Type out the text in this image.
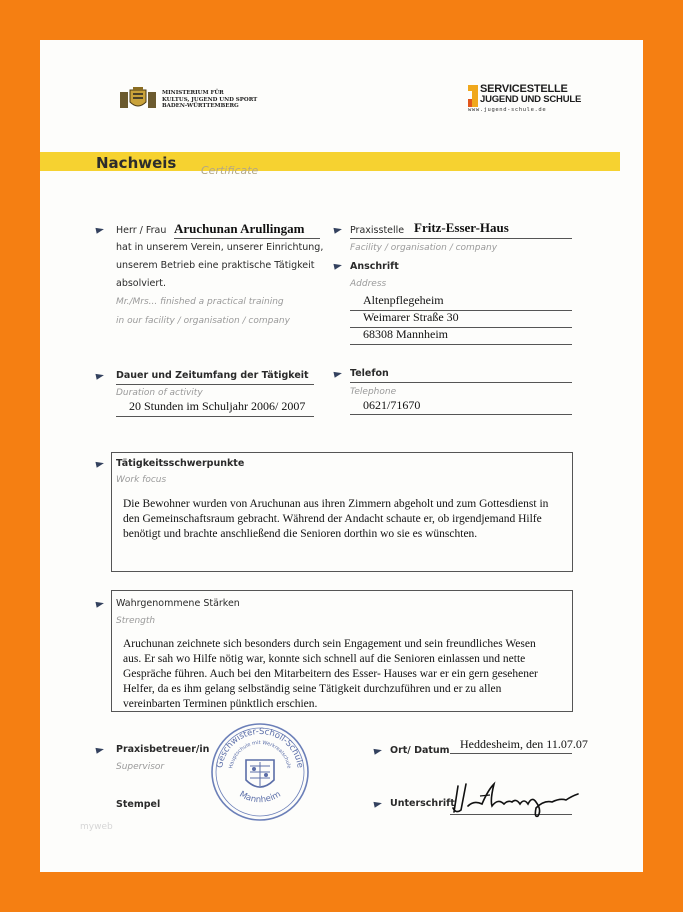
MINISTERIUM FÜR
KULTUS, JUGEND UND SPORT
BADEN-WÜRTTEMBERG
SERVICESTELLE
JUGEND UND SCHULE
www.jugend-schule.de
Nachweis Certificate
Herr / Frau Aruchunan Arullingam
hat in unserem Verein, unserer Einrichtung,
unserem Betrieb eine praktische Tätigkeit
absolviert.
Mr./Mrs... finished a practical training
in our facility / organisation / company
Praxisstelle Fritz-Esser-Haus
Facility / organisation / company
Anschrift
Address
Altenpflegeheim
Weimarer Straße 30
68308 Mannheim
Dauer und Zeitumfang der Tätigkeit
Duration of activity
20 Stunden im Schuljahr 2006/ 2007
Telefon
Telephone
0621/71670
Tätigkeitsschwerpunkte
Work focus
Die Bewohner wurden von Aruchunan aus ihren Zimmern abgeholt und zum Gottesdienst in
den Gemeinschaftsraum gebracht. Während der Andacht schaute er, ob irgendjemand Hilfe
benötigt und brachte anschließend die Senioren dorthin wo sie es wünschten.
Wahrgenommene Stärken
Strength
Aruchunan zeichnete sich besonders durch sein Engagement und sein freundliches Wesen
aus. Er sah wo Hilfe nötig war, konnte sich schnell auf die Senioren einlassen und nette
Gespräche führen. Auch bei den Mitarbeitern des Esser- Hauses war er ein gern gesehener
Helfer, da es ihm gelang selbständig seine Tätigkeit durchzuführen und er zu allen
vereinbarten Terminen pünktlich erschien.
Praxisbetreuer/in
Supervisor
Stempel
Geschwister-Scholl-Schule
Hauptschule mit Werkrealschule
Mannheim
Ort/ Datum Heddesheim, den 11.07.07
Unterschrift
myweb
